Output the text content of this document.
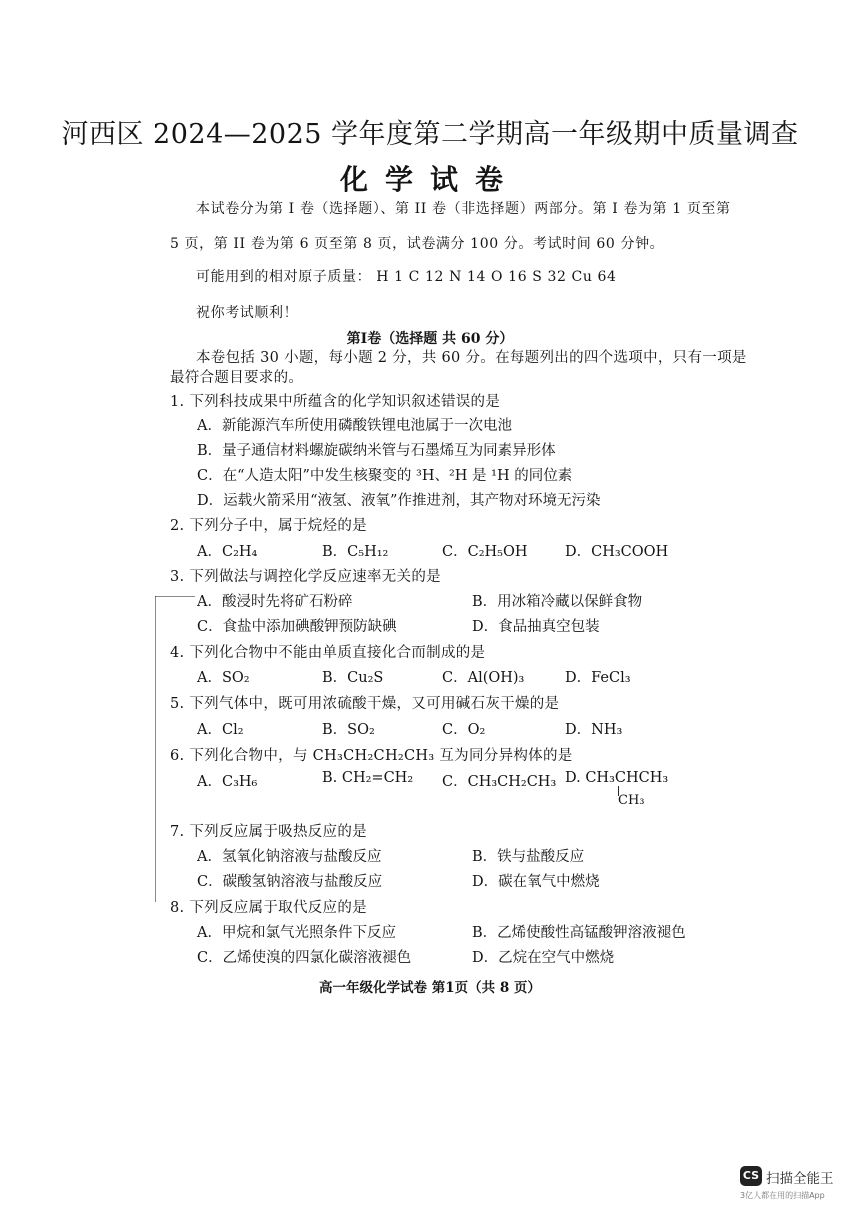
河西区 2024—2025 学年度第二学期高一年级期中质量调查
化学试卷
本试卷分为第 I 卷（选择题）、第 II 卷（非选择题）两部分。第 I 卷为第 1 页至第
5 页，第 II 卷为第 6 页至第 8 页，试卷满分 100 分。考试时间 60 分钟。
可能用到的相对原子质量： H 1 C 12 N 14 O 16 S 32 Cu 64
祝你考试顺利！
第Ⅰ卷（选择题 共 60 分）
本卷包括 30 小题，每小题 2 分，共 60 分。在每题列出的四个选项中，只有一项是
最符合题目要求的。
1. 下列科技成果中所蕴含的化学知识叙述错误的是
A．新能源汽车所使用磷酸铁锂电池属于一次电池
B．量子通信材料螺旋碳纳米管与石墨烯互为同素异形体
C．在“人造太阳”中发生核聚变的 ³H、²H 是 ¹H 的同位素
D．运载火箭采用“液氢、液氧”作推进剂，其产物对环境无污染
2. 下列分子中，属于烷烃的是
A．C₂H₄	B．C₅H₁₂	C．C₂H₅OH	D．CH₃COOH
3. 下列做法与调控化学反应速率无关的是
A．酸浸时先将矿石粉碎	B．用冰箱冷藏以保鲜食物
C．食盐中添加碘酸钾预防缺碘	D．食品抽真空包装
4. 下列化合物中不能由单质直接化合而制成的是
A．SO₂	B．Cu₂S	C．Al(OH)₃	D．FeCl₃
5. 下列气体中，既可用浓硫酸干燥，又可用碱石灰干燥的是
A．Cl₂	B．SO₂	C．O₂	D．NH₃
6. 下列化合物中，与 CH₃CH₂CH₂CH₃ 互为同分异构体的是
A．C₃H₆	B. CH₂=CH₂ C．CH₃CH₂CH₃ D. CH₃CHCH₃
CH₃
7. 下列反应属于吸热反应的是
A．氢氧化钠溶液与盐酸反应	B．铁与盐酸反应
C．碳酸氢钠溶液与盐酸反应	D．碳在氧气中燃烧
8. 下列反应属于取代反应的是
A．甲烷和氯气光照条件下反应	B．乙烯使酸性高锰酸钾溶液褪色
C．乙烯使溴的四氯化碳溶液褪色	D．乙烷在空气中燃烧
高一年级化学试卷 第1页（共 8 页）
CS 扫描全能王
3亿人都在用的扫描App
